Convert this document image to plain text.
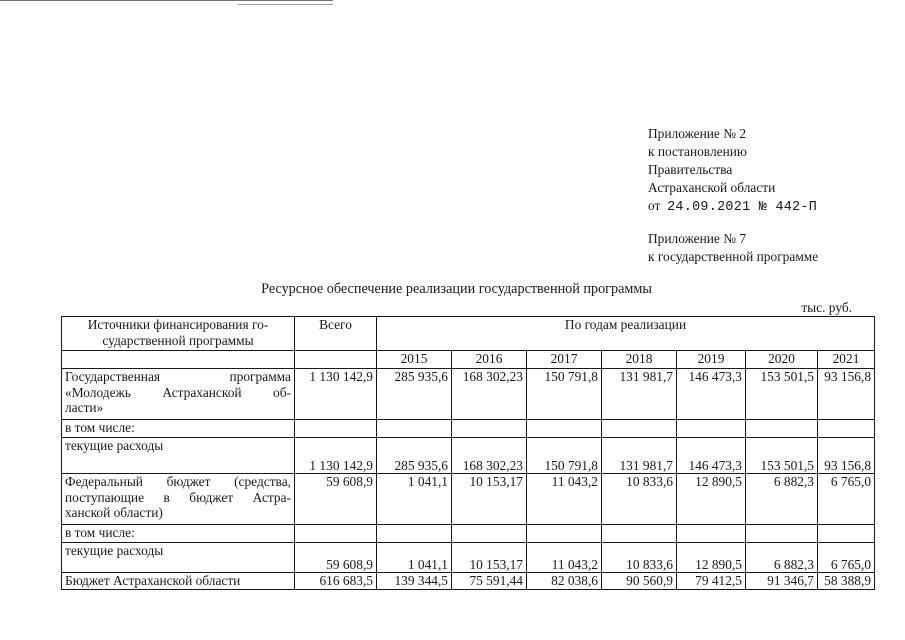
Приложение № 2
к постановлению
Правительства
Астраханской области
от 24.09.2021 № 442-П
Приложение № 7
к государственной программе
Ресурсное обеспечение реализации государственной программы
тыс. руб.
Источники финансирования го-
сударственной программы	Всего	По годам реализации						
		2015	2016	2017	2018	2019	2020	2021

Государственная программа
«Молодежь Астраханской об-
ласти»	1 130 142,9	285 935,6	168 302,23	150 791,8	131 981,7	146 473,3	153 501,5	93 156,8

в том числе:								

текущие расходы	1 130 142,9	285 935,6	168 302,23	150 791,8	131 981,7	146 473,3	153 501,5	93 156,8

Федеральный бюджет (средства,
поступающие в бюджет Астра-
ханской области)	59 608,9	1 041,1	10 153,17	11 043,2	10 833,6	12 890,5	6 882,3	6 765,0

в том числе:								

текущие расходы	59 608,9	1 041,1	10 153,17	11 043,2	10 833,6	12 890,5	6 882,3	6 765,0

Бюджет Астраханской области	616 683,5	139 344,5	75 591,44	82 038,6	90 560,9	79 412,5	91 346,7	58 388,9
